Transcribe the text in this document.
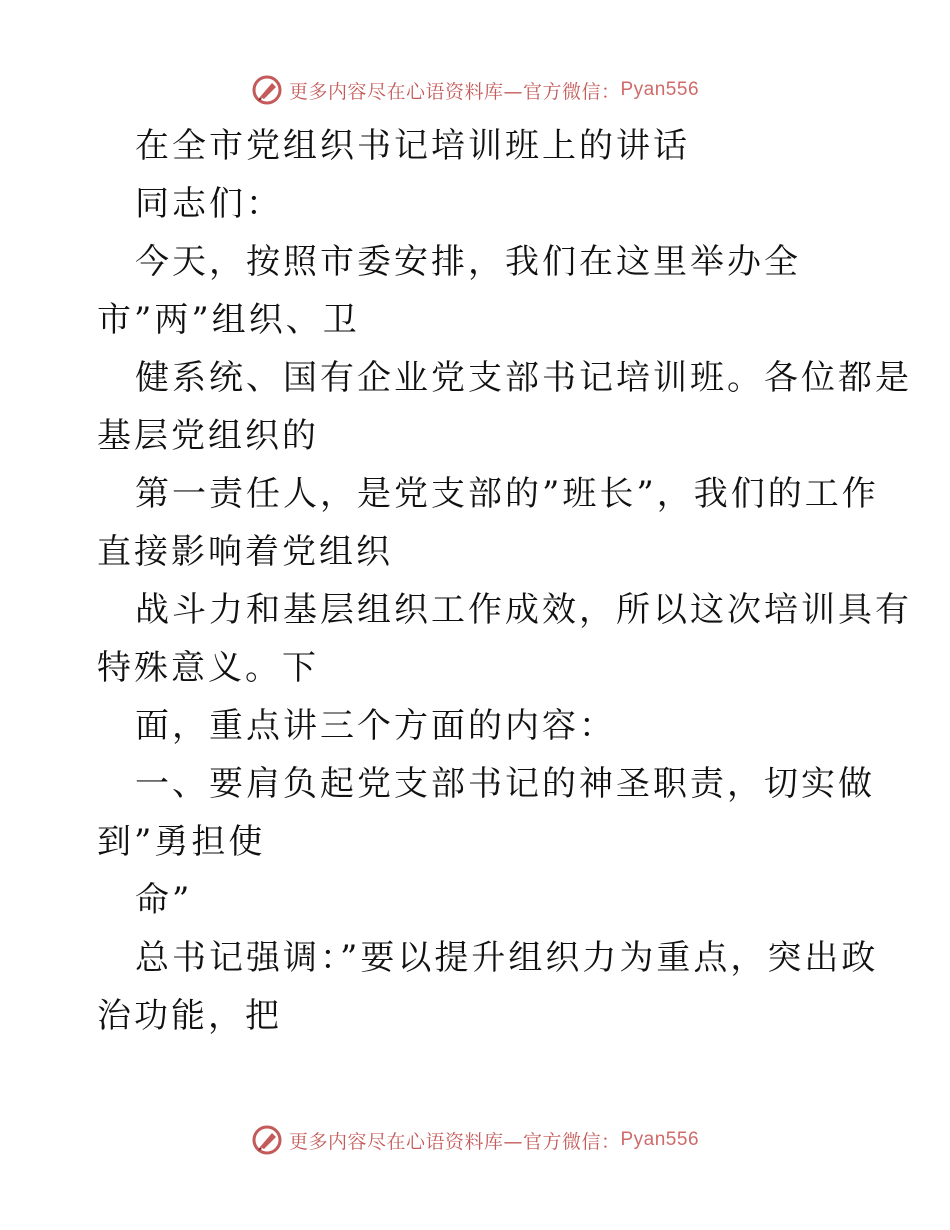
更多内容尽在心语资料库—官方微信： Pyan556
在全市党组织书记培训班上的讲话
同志们：
今天，按照市委安排，我们在这里举办全
市”两”组织、卫
健系统、国有企业党支部书记培训班。各位都是
基层党组织的
第一责任人，是党支部的”班长”，我们的工作
直接影响着党组织
战斗力和基层组织工作成效，所以这次培训具有
特殊意义。下
面，重点讲三个方面的内容：
一、要肩负起党支部书记的神圣职责，切实做
到”勇担使
命”
总书记强调：”要以提升组织力为重点，突出政
治功能，把
更多内容尽在心语资料库—官方微信： Pyan556
